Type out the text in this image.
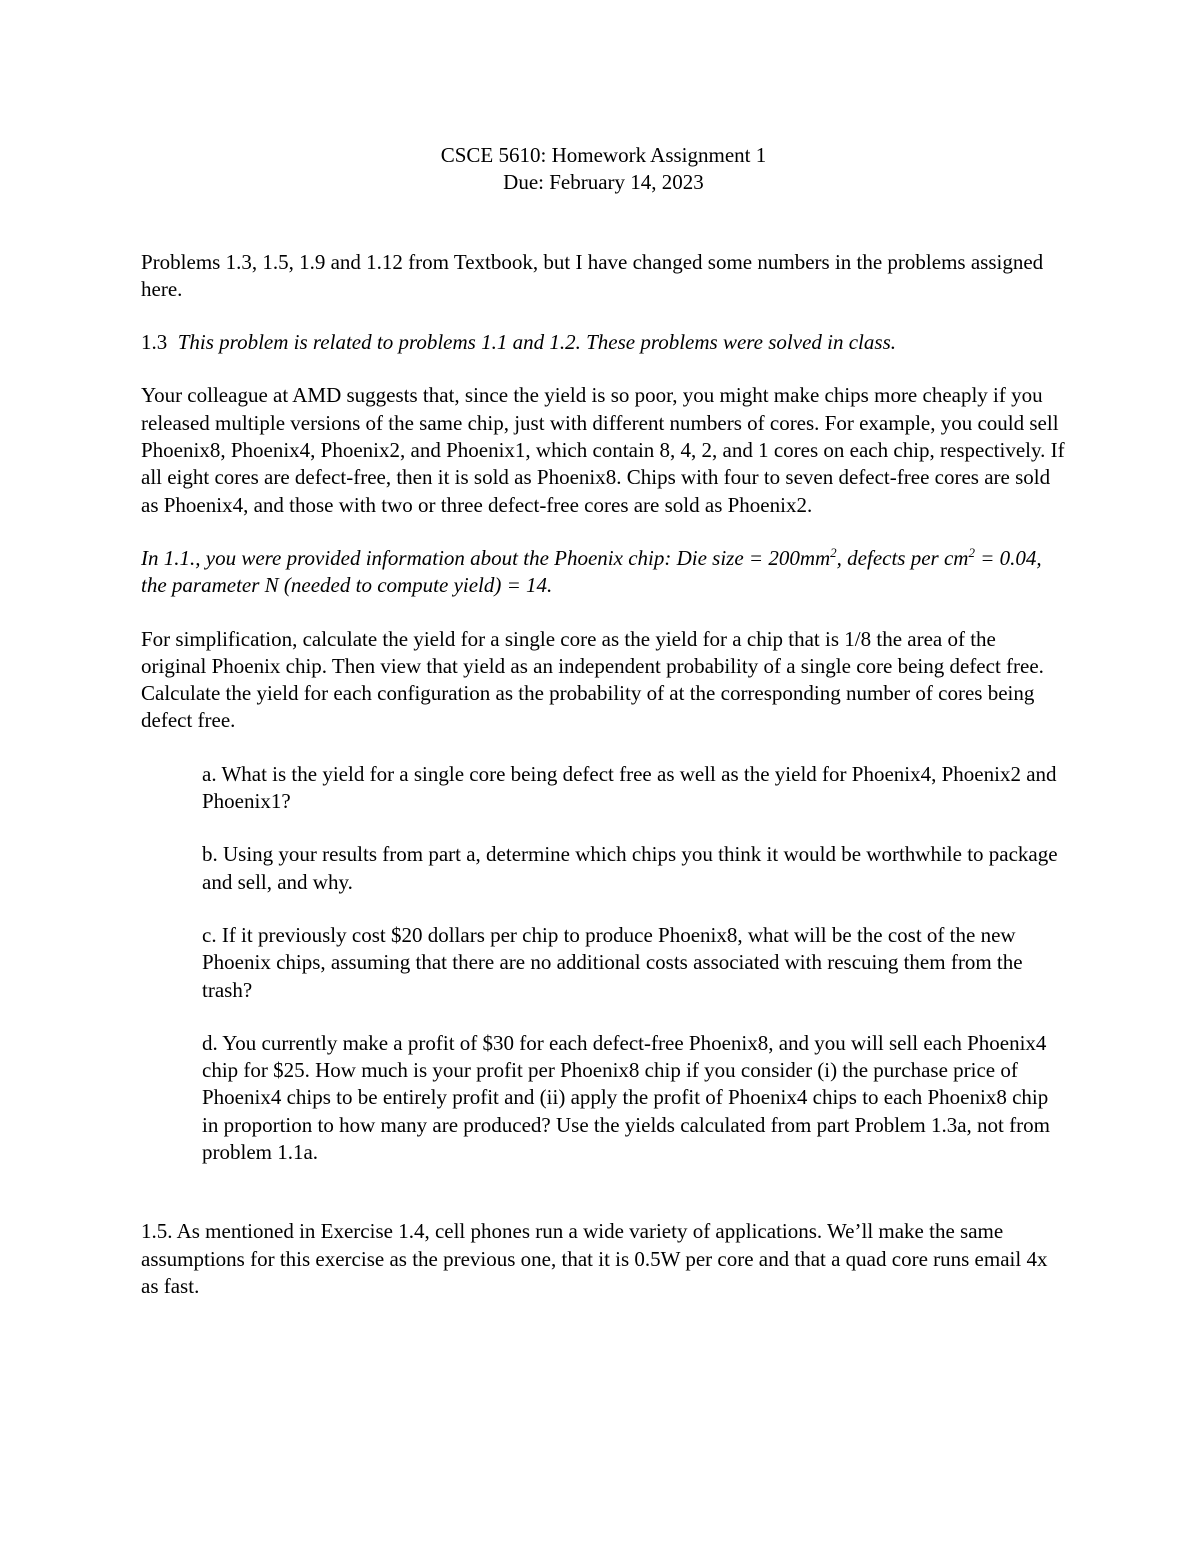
CSCE 5610: Homework Assignment 1
Due: February 14, 2023

Problems 1.3, 1.5, 1.9 and 1.12 from Textbook, but I have changed some numbers in the problems assigned here.

1.3 This problem is related to problems 1.1 and 1.2. These problems were solved in class.

Your colleague at AMD suggests that, since the yield is so poor, you might make chips more cheaply if you released multiple versions of the same chip, just with different numbers of cores. For example, you could sell Phoenix8, Phoenix4, Phoenix2, and Phoenix1, which contain 8, 4, 2, and 1 cores on each chip, respectively. If all eight cores are defect-free, then it is sold as Phoenix8. Chips with four to seven defect-free cores are sold as Phoenix4, and those with two or three defect-free cores are sold as Phoenix2.

In 1.1., you were provided information about the Phoenix chip: Die size = $200mm^2$, defects per $cm^2 = 0.04$, the parameter N (needed to compute yield) = 14.

For simplification, calculate the yield for a single core as the yield for a chip that is 1/8 the area of the original Phoenix chip. Then view that yield as an independent probability of a single core being defect free. Calculate the yield for each configuration as the probability of at the corresponding number of cores being defect free.

a. What is the yield for a single core being defect free as well as the yield for Phoenix4, Phoenix2 and Phoenix1?

b. Using your results from part a, determine which chips you think it would be worthwhile to package and sell, and why.

c. If it previously cost $20 dollars per chip to produce Phoenix8, what will be the cost of the new Phoenix chips, assuming that there are no additional costs associated with rescuing them from the trash?

d. You currently make a profit of $30 for each defect-free Phoenix8, and you will sell each Phoenix4 chip for $25. How much is your profit per Phoenix8 chip if you consider (i) the purchase price of Phoenix4 chips to be entirely profit and (ii) apply the profit of Phoenix4 chips to each Phoenix8 chip in proportion to how many are produced? Use the yields calculated from part Problem 1.3a, not from problem 1.1a.

1.5. As mentioned in Exercise 1.4, cell phones run a wide variety of applications. We’ll make the same assumptions for this exercise as the previous one, that it is 0.5W per core and that a quad core runs email 4x as fast.
